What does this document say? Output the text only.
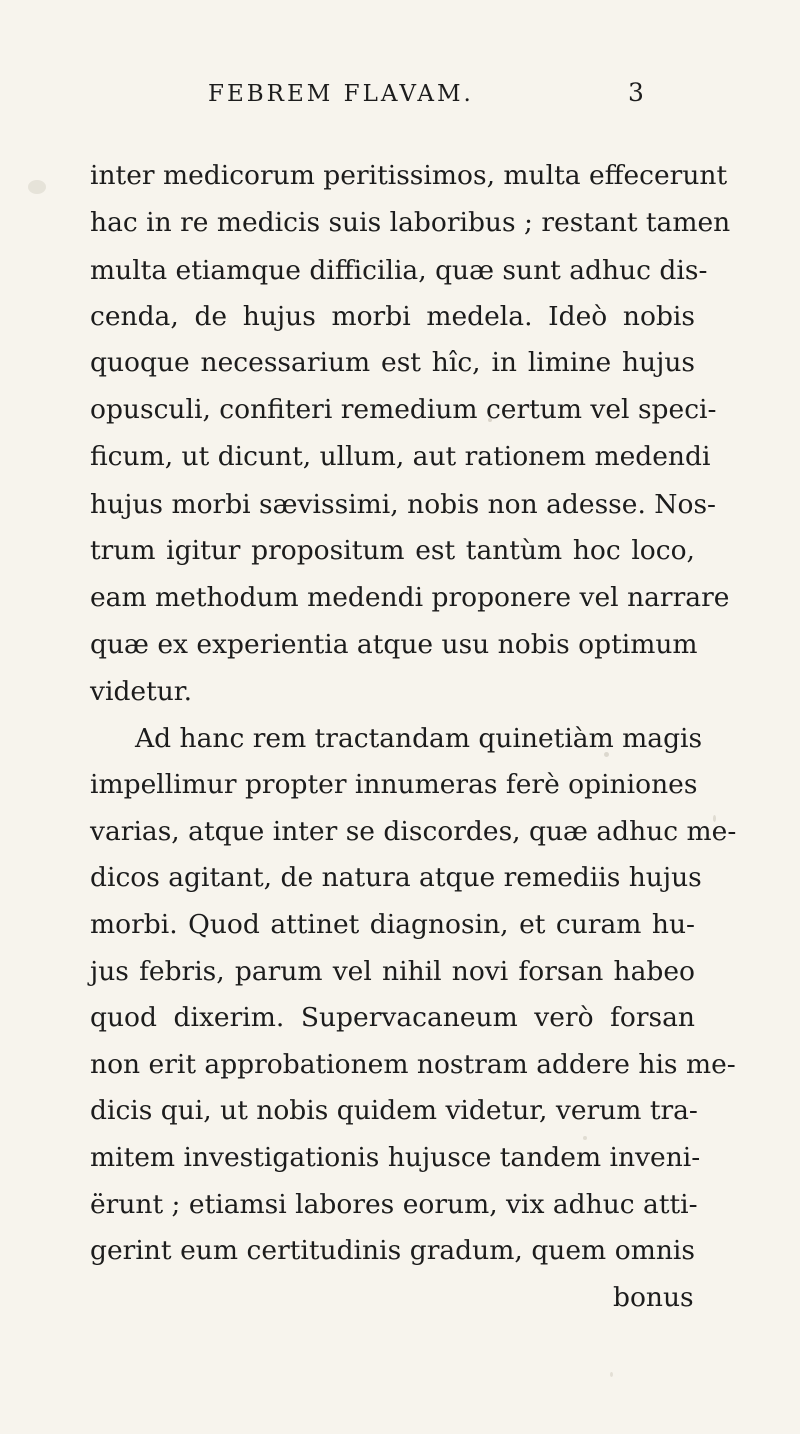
FEBREM FLAVAM.	3
inter medicorum peritissimos, multa effecerunt
hac in re medicis suis laboribus ; restant tamen
multa etiamque difficilia, quæ sunt adhuc dis-
cenda, de hujus morbi medela. Ideò nobis
quoque necessarium est hîc, in limine hujus
opusculi, confiteri remedium certum vel speci-
ficum, ut dicunt, ullum, aut rationem medendi
hujus morbi sævissimi, nobis non adesse. Nos-
trum igitur propositum est tantùm hoc loco,
eam methodum medendi proponere vel narrare
quæ ex experientia atque usu nobis optimum
videtur.
Ad hanc rem tractandam quinetiàm magis
impellimur propter innumeras ferè opiniones
varias, atque inter se discordes, quæ adhuc me-
dicos agitant, de natura atque remediis hujus
morbi. Quod attinet diagnosin, et curam hu-
jus febris, parum vel nihil novi forsan habeo
quod dixerim. Supervacaneum verò forsan
non erit approbationem nostram addere his me-
dicis qui, ut nobis quidem videtur, verum tra-
mitem investigationis hujusce tandem inveni-
ërunt ; etiamsi labores eorum, vix adhuc atti-
gerint eum certitudinis gradum, quem omnis
bonus
